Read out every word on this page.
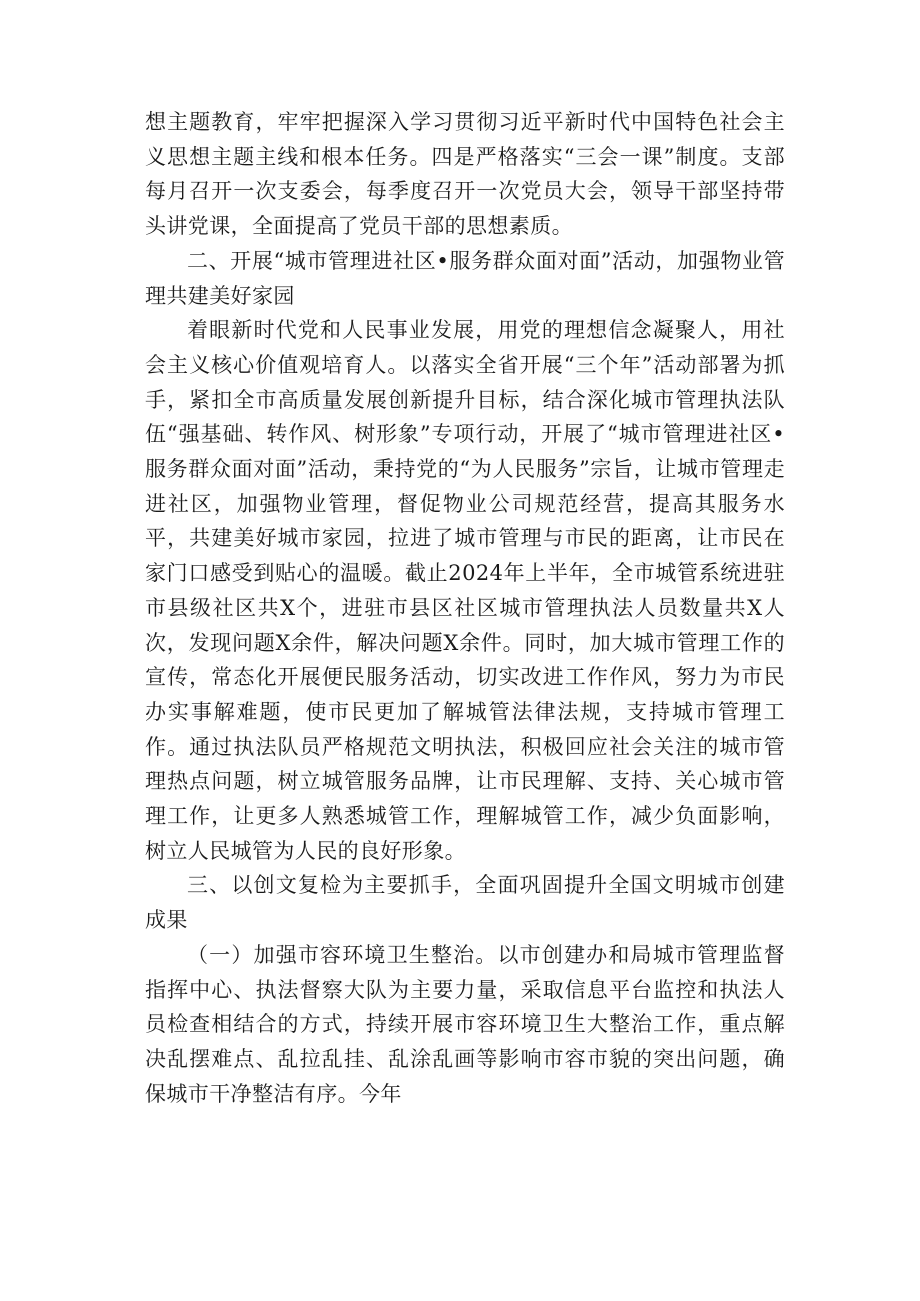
想主题教育，牢牢把握深入学习贯彻习近平新时代中国特色社会主义思想主题主线和根本任务。四是严格落实“三会一课”制度。支部每月召开一次支委会，每季度召开一次党员大会，领导干部坚持带头讲党课，全面提高了党员干部的思想素质。

二、开展“城市管理进社区•服务群众面对面”活动，加强物业管理共建美好家园

着眼新时代党和人民事业发展，用党的理想信念凝聚人，用社会主义核心价值观培育人。以落实全省开展“三个年”活动部署为抓手，紧扣全市高质量发展创新提升目标，结合深化城市管理执法队伍“强基础、转作风、树形象”专项行动，开展了“城市管理进社区•服务群众面对面”活动，秉持党的“为人民服务”宗旨，让城市管理走进社区，加强物业管理，督促物业公司规范经营，提高其服务水平，共建美好城市家园，拉进了城市管理与市民的距离，让市民在家门口感受到贴心的温暖。截止2024年上半年，全市城管系统进驻市县级社区共X个，进驻市县区社区城市管理执法人员数量共X人次，发现问题X余件，解决问题X余件。同时，加大城市管理工作的宣传，常态化开展便民服务活动，切实改进工作作风，努力为市民办实事解难题，使市民更加了解城管法律法规，支持城市管理工作。通过执法队员严格规范文明执法，积极回应社会关注的城市管理热点问题，树立城管服务品牌，让市民理解、支持、关心城市管理工作，让更多人熟悉城管工作，理解城管工作，减少负面影响，树立人民城管为人民的良好形象。

三、以创文复检为主要抓手，全面巩固提升全国文明城市创建成果

（一）加强市容环境卫生整治。以市创建办和局城市管理监督指挥中心、执法督察大队为主要力量，采取信息平台监控和执法人员检查相结合的方式，持续开展市容环境卫生大整治工作，重点解决乱摆难点、乱拉乱挂、乱涂乱画等影响市容市貌的突出问题，确保城市干净整洁有序。今年
